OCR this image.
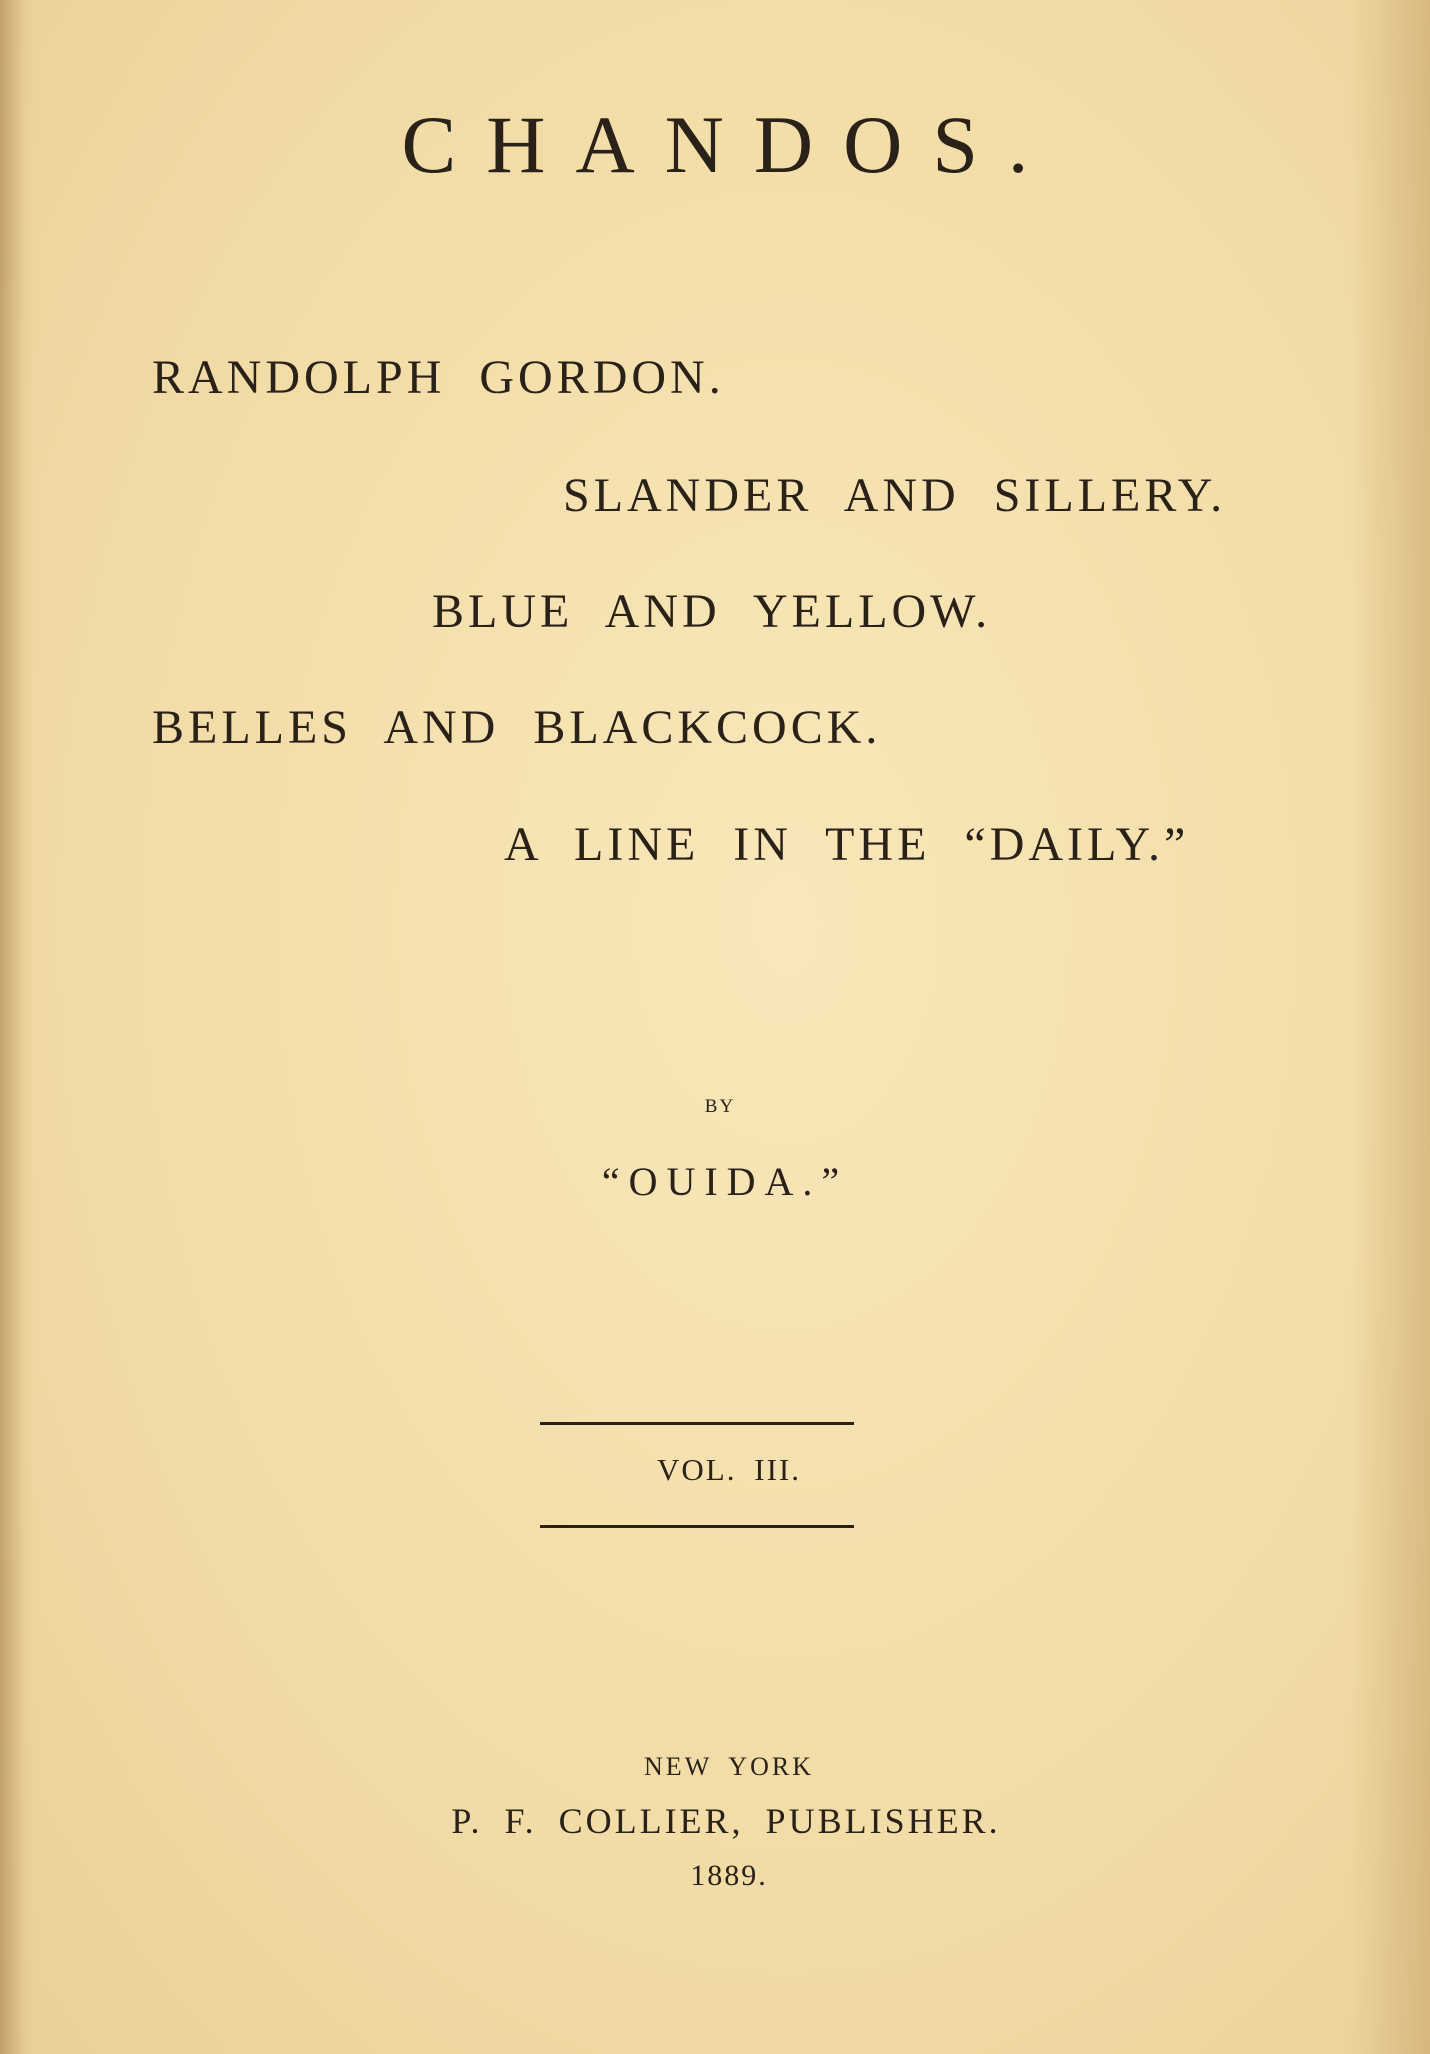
CHANDOS.
RANDOLPH GORDON.
SLANDER AND SILLERY.
BLUE AND YELLOW.
BELLES AND BLACKCOCK.
A LINE IN THE “DAILY.”
BY
“OUIDA.”
VOL. III.
NEW YORK
P. F. COLLIER, PUBLISHER.
1889.
